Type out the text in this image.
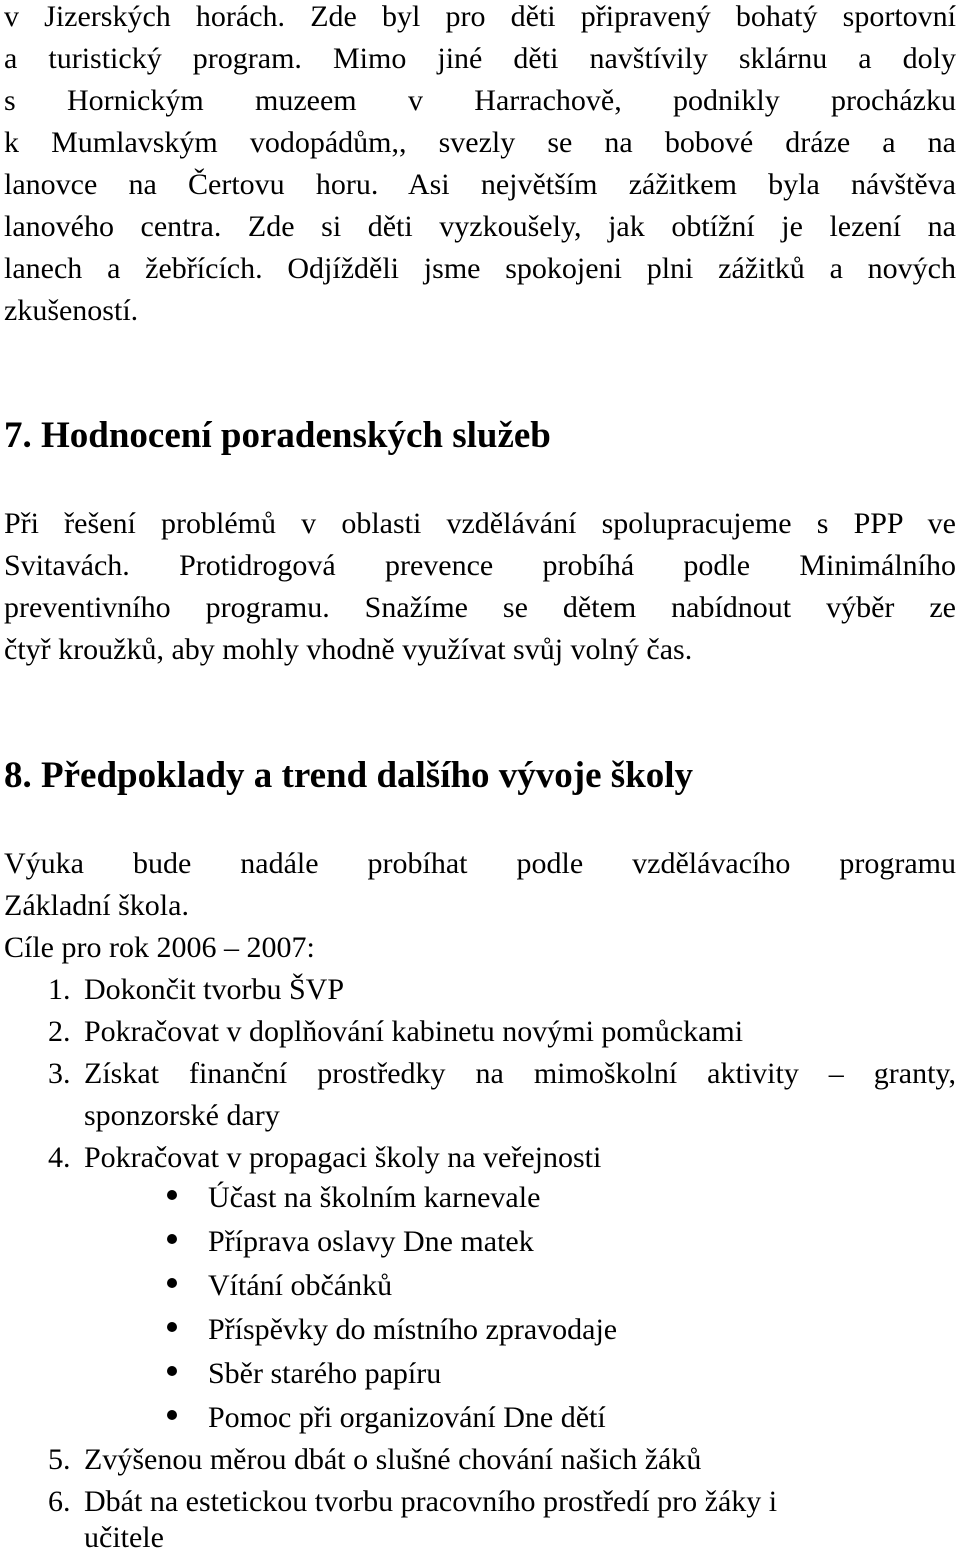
v Jizerských horách. Zde byl pro děti připravený bohatý sportovní
a turistický program. Mimo jiné děti navštívily sklárnu a doly
s Hornickým muzeem v Harrachově, podnikly procházku
k Mumlavským vodopádům,, svezly se na bobové dráze a na
lanovce na Čertovu horu. Asi největším zážitkem byla návštěva
lanového centra. Zde si děti vyzkoušely, jak obtížní je lezení na
lanech a žebřících. Odjížděli jsme spokojeni plni zážitků a nových
zkušeností.
7. Hodnocení poradenských služeb
Při řešení problémů v oblasti vzdělávání spolupracujeme s PPP ve
Svitavách. Protidrogová prevence probíhá podle Minimálního
preventivního programu. Snažíme se dětem nabídnout výběr ze
čtyř kroužků, aby mohly vhodně využívat svůj volný čas.
8. Předpoklady a trend dalšího vývoje školy
Výuka bude nadále probíhat podle vzdělávacího programu
Základní škola.
Cíle pro rok 2006 – 2007:
1. Dokončit tvorbu ŠVP
2. Pokračovat v doplňování kabinetu novými pomůckami
3. Získat finanční prostředky na mimoškolní aktivity – granty,
sponzorské dary
4. Pokračovat v propagaci školy na veřejnosti
Účast na školním karnevale
Příprava oslavy Dne matek
Vítání občánků
Příspěvky do místního zpravodaje
Sběr starého papíru
Pomoc při organizování Dne dětí
5. Zvýšenou měrou dbát o slušné chování našich žáků
6. Dbát na estetickou tvorbu pracovního prostředí pro žáky i
učitele
